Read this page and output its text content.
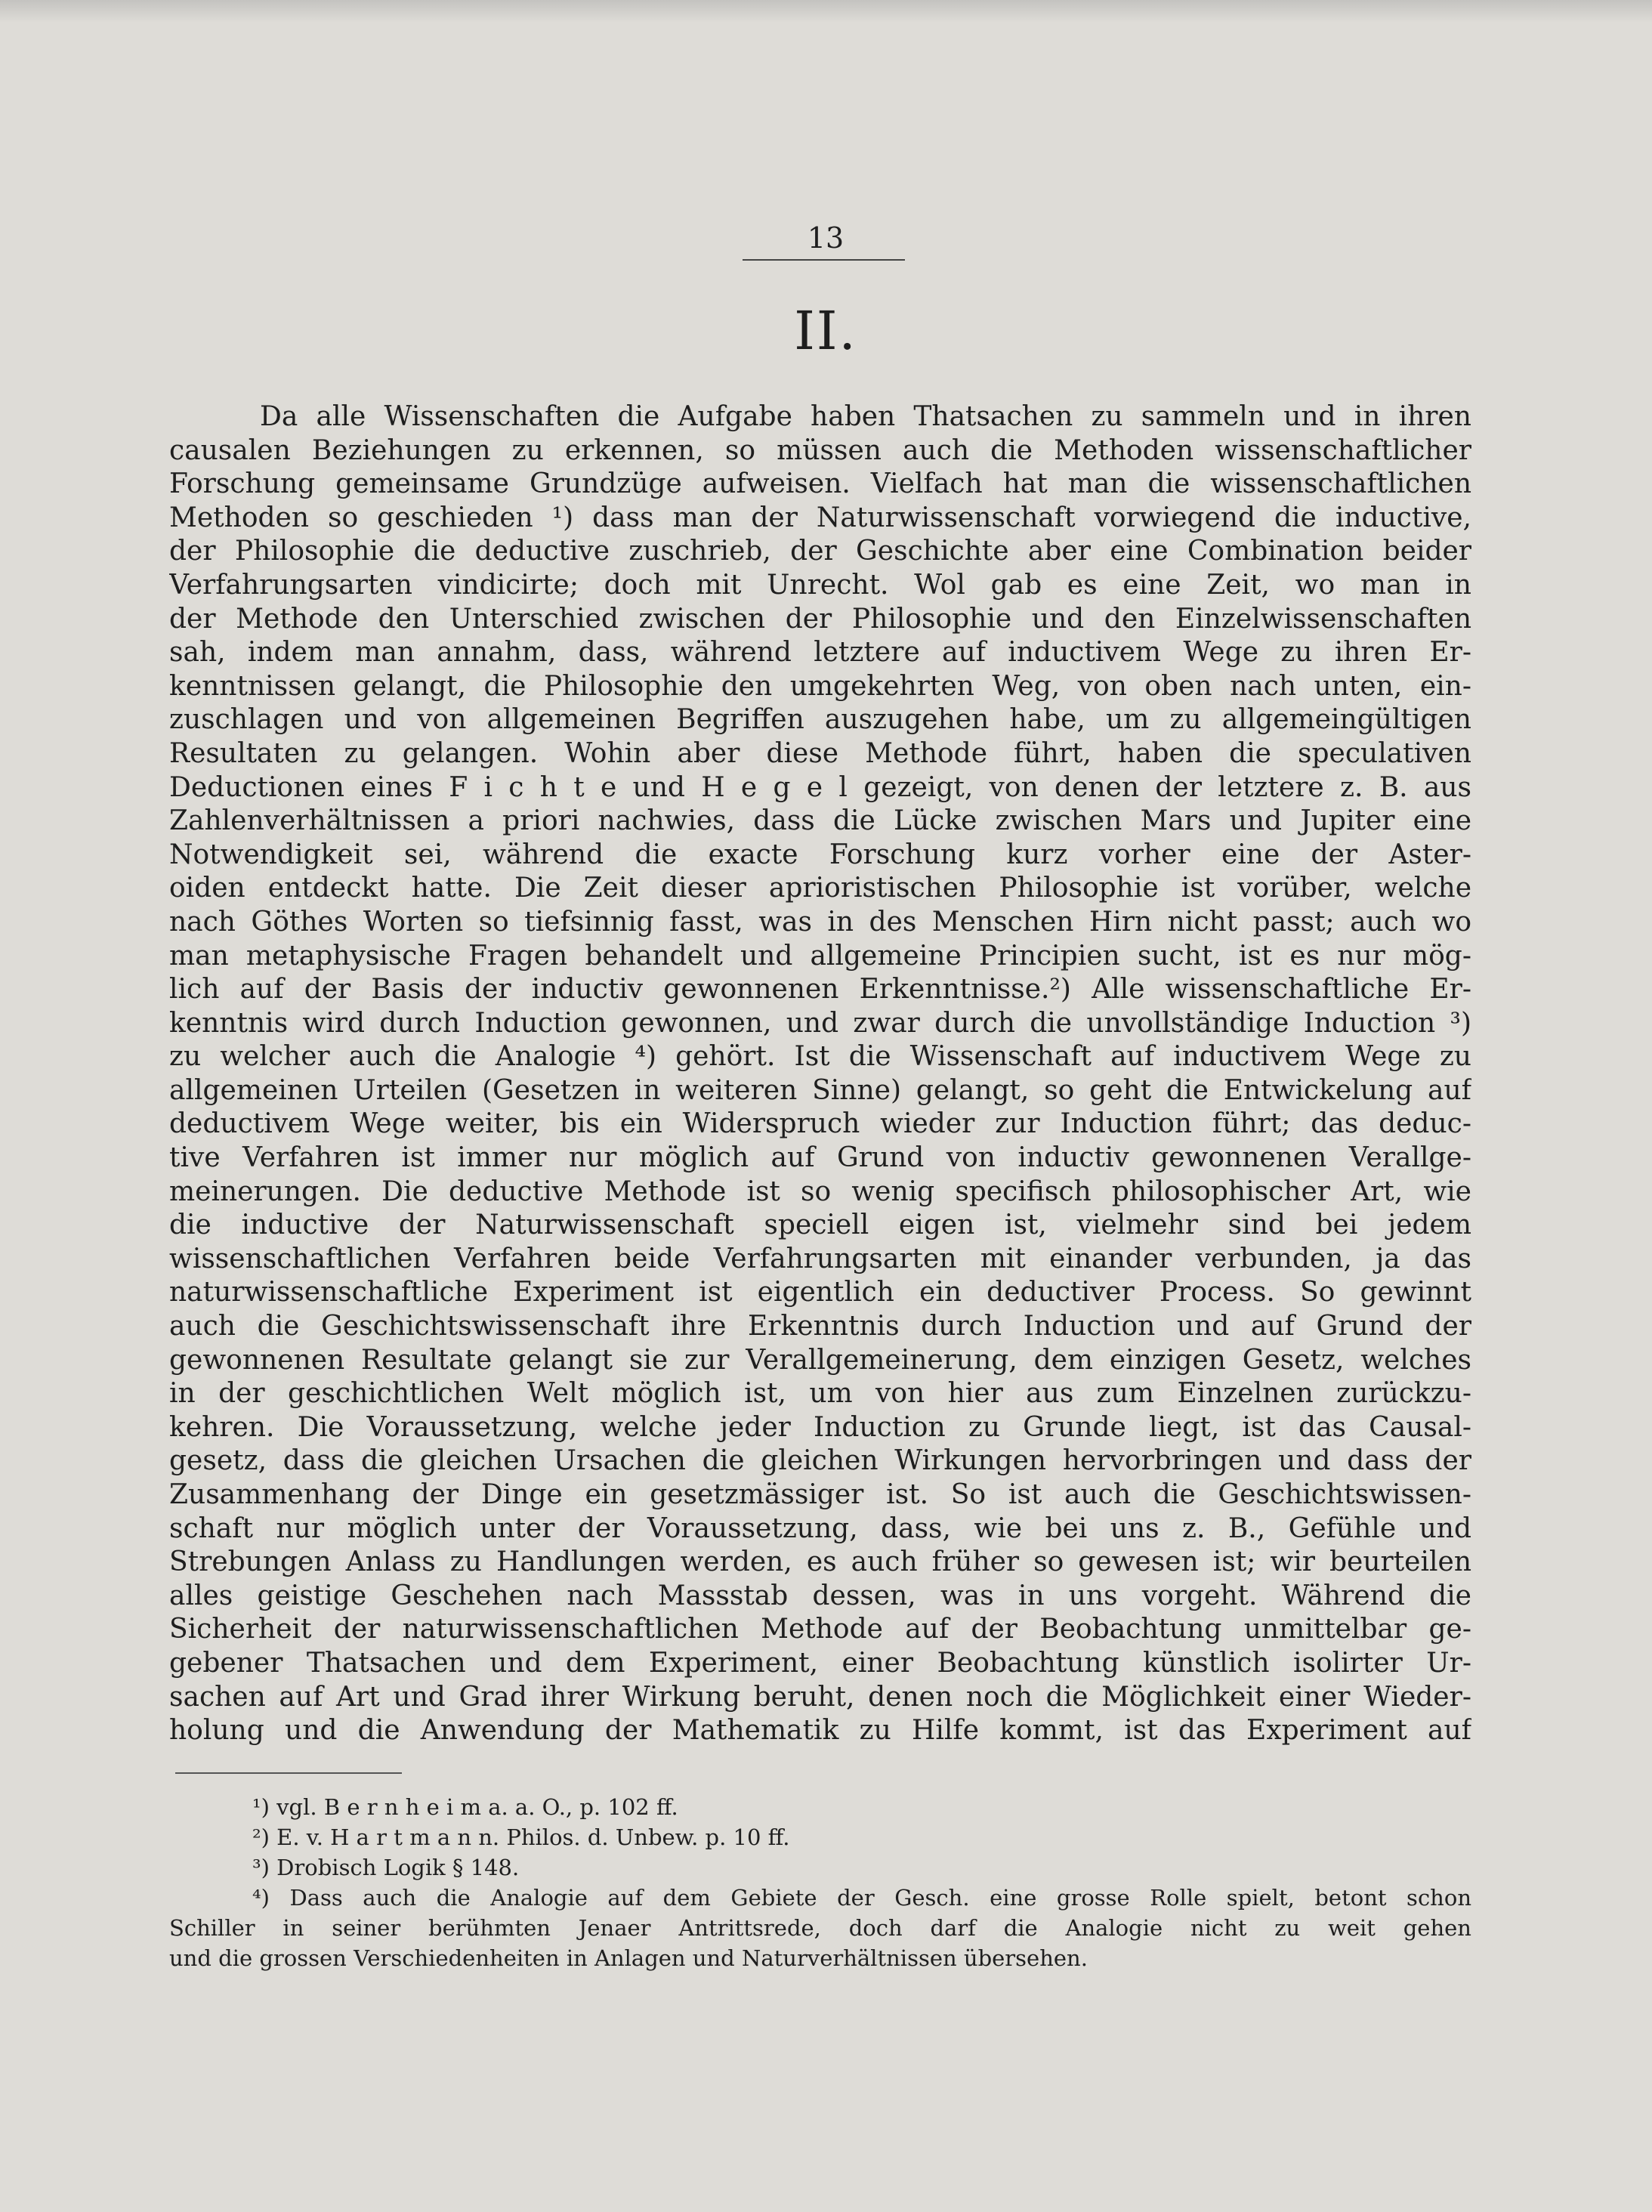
13
II.
Da alle Wissenschaften die Aufgabe haben Thatsachen zu sammeln und in ihren
causalen Beziehungen zu erkennen, so müssen auch die Methoden wissenschaftlicher
Forschung gemeinsame Grundzüge aufweisen. Vielfach hat man die wissenschaftlichen
Methoden so geschieden ¹) dass man der Naturwissenschaft vorwiegend die inductive,
der Philosophie die deductive zuschrieb, der Geschichte aber eine Combination beider
Verfahrungsarten vindicirte; doch mit Unrecht. Wol gab es eine Zeit, wo man in
der Methode den Unterschied zwischen der Philosophie und den Einzelwissenschaften
sah, indem man annahm, dass, während letztere auf inductivem Wege zu ihren Er-
kenntnissen gelangt, die Philosophie den umgekehrten Weg, von oben nach unten, ein-
zuschlagen und von allgemeinen Begriffen auszugehen habe, um zu allgemeingültigen
Resultaten zu gelangen. Wohin aber diese Methode führt, haben die speculativen
Deductionen eines F i c h t e und H e g e l gezeigt, von denen der letztere z. B. aus
Zahlenverhältnissen a priori nachwies, dass die Lücke zwischen Mars und Jupiter eine
Notwendigkeit sei, während die exacte Forschung kurz vorher eine der Aster-
oiden entdeckt hatte. Die Zeit dieser aprioristischen Philosophie ist vorüber, welche
nach Göthes Worten so tiefsinnig fasst, was in des Menschen Hirn nicht passt; auch wo
man metaphysische Fragen behandelt und allgemeine Principien sucht, ist es nur mög-
lich auf der Basis der inductiv gewonnenen Erkenntnisse.²) Alle wissenschaftliche Er-
kenntnis wird durch Induction gewonnen, und zwar durch die unvollständige Induction ³)
zu welcher auch die Analogie ⁴) gehört. Ist die Wissenschaft auf inductivem Wege zu
allgemeinen Urteilen (Gesetzen in weiteren Sinne) gelangt, so geht die Entwickelung auf
deductivem Wege weiter, bis ein Widerspruch wieder zur Induction führt; das deduc-
tive Verfahren ist immer nur möglich auf Grund von inductiv gewonnenen Verallge-
meinerungen. Die deductive Methode ist so wenig specifisch philosophischer Art, wie
die inductive der Naturwissenschaft speciell eigen ist, vielmehr sind bei jedem
wissenschaftlichen Verfahren beide Verfahrungsarten mit einander verbunden, ja das
naturwissenschaftliche Experiment ist eigentlich ein deductiver Process. So gewinnt
auch die Geschichtswissenschaft ihre Erkenntnis durch Induction und auf Grund der
gewonnenen Resultate gelangt sie zur Verallgemeinerung, dem einzigen Gesetz, welches
in der geschichtlichen Welt möglich ist, um von hier aus zum Einzelnen zurückzu-
kehren. Die Voraussetzung, welche jeder Induction zu Grunde liegt, ist das Causal-
gesetz, dass die gleichen Ursachen die gleichen Wirkungen hervorbringen und dass der
Zusammenhang der Dinge ein gesetzmässiger ist. So ist auch die Geschichtswissen-
schaft nur möglich unter der Voraussetzung, dass, wie bei uns z. B., Gefühle und
Strebungen Anlass zu Handlungen werden, es auch früher so gewesen ist; wir beurteilen
alles geistige Geschehen nach Massstab dessen, was in uns vorgeht. Während die
Sicherheit der naturwissenschaftlichen Methode auf der Beobachtung unmittelbar ge-
gebener Thatsachen und dem Experiment, einer Beobachtung künstlich isolirter Ur-
sachen auf Art und Grad ihrer Wirkung beruht, denen noch die Möglichkeit einer Wieder-
holung und die Anwendung der Mathematik zu Hilfe kommt, ist das Experiment auf
¹) vgl. B e r n h e i m a. a. O., p. 102 ff.
²) E. v. H a r t m a n n. Philos. d. Unbew. p. 10 ff.
³) Drobisch Logik § 148.
⁴) Dass auch die Analogie auf dem Gebiete der Gesch. eine grosse Rolle spielt, betont schon
Schiller in seiner berühmten Jenaer Antrittsrede, doch darf die Analogie nicht zu weit gehen
und die grossen Verschiedenheiten in Anlagen und Naturverhältnissen übersehen.
